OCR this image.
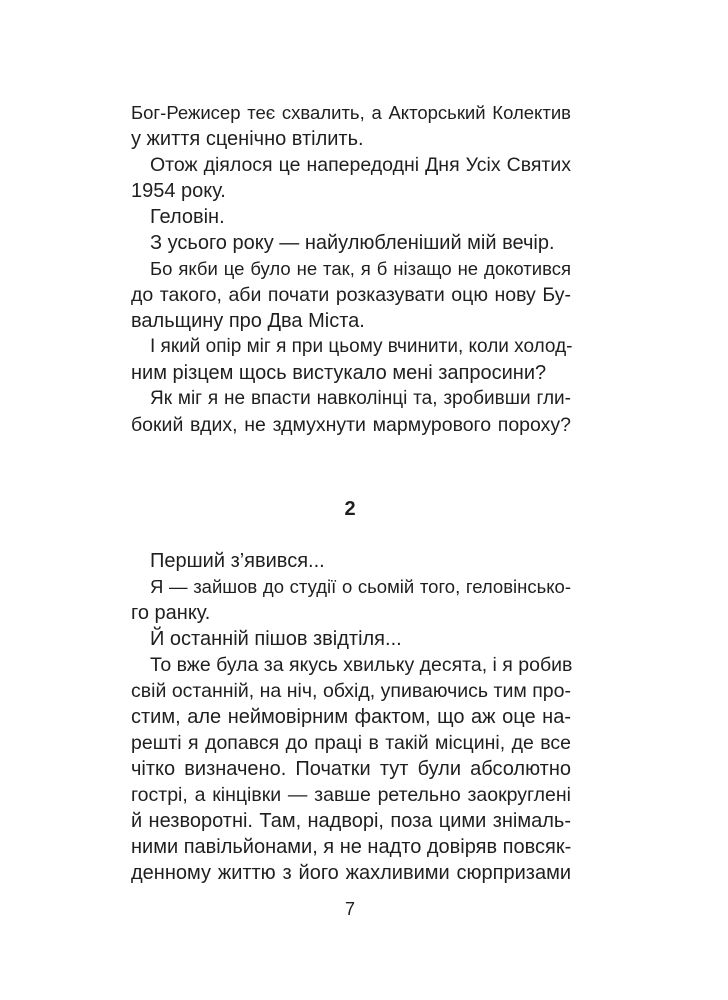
Бог-Режисер теє схвалить, а Акторський Колектив
у життя сценічно втілить.
Отож діялося це напередодні Дня Усіх Святих
1954 року.
Геловін.
З усього року — найулюбленіший мій вечір.
Бо якби це було не так, я б нізащо не докотився
до такого, аби почати розказувати оцю нову Бу-
вальщину про Два Міста.
І який опір міг я при цьому вчинити, коли холод-
ним різцем щось вистукало мені запросини?
Як міг я не впасти навколінці та, зробивши гли-
бокий вдих, не здмухнути мармурового пороху?
2
Перший з’явився...
Я — зайшов до студії о сьомій того, геловінсько-
го ранку.
Й останній пішов звідтіля...
То вже була за якусь хвильку десята, і я робив
свій останній, на ніч, обхід, упиваючись тим про-
стим, але неймовірним фактом, що аж оце на-
решті я допався до праці в такій місцині, де все
чітко визначено. Початки тут були абсолютно
гострі, а кінцівки — завше ретельно заокруглені
й незворотні. Там, надворі, поза цими знімаль-
ними павільйонами, я не надто довіряв повсяк-
денному життю з його жахливими сюрпризами
7
